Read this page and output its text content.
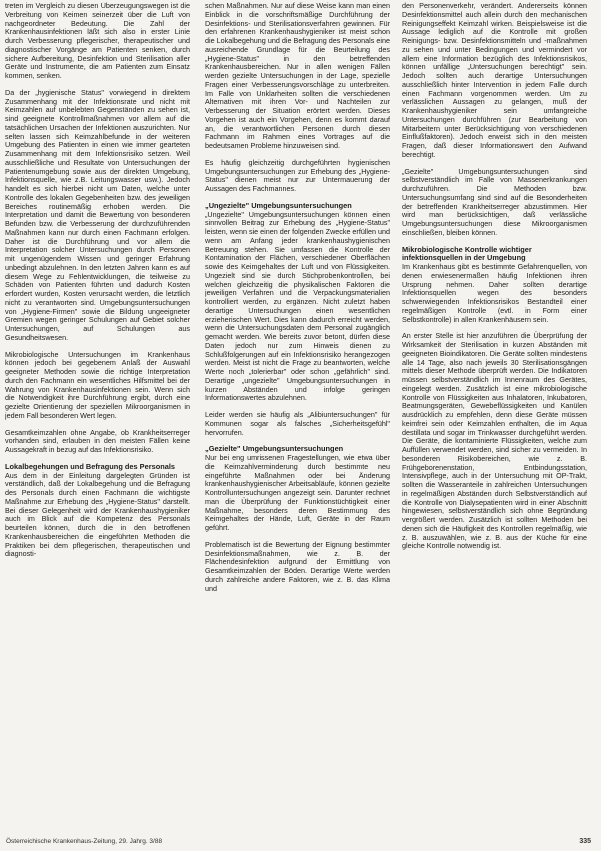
treten im Vergleich zu diesen Überzeugungswegen ist die Verbreitung von Keimen seinerzeit über die Luft von nachgeordneter Bedeutung. Die Zahl der Krankenhausinfektionen läßt sich also in erster Linie durch Verbesserung pflegerischer, therapeutischer und diagnostischer Vorgänge am Patienten senken, durch sichere Aufbereitung, Desinfektion und Sterilisation aller Geräte und Instrumente, die am Patienten zum Einsatz kommen, senken.

Da der „hygienische Status" vorwiegend in direktem Zusammenhang mit der Infektionsrate und nicht mit Keimzahlen auf unbelebten Gegenständen zu sehen ist, sind geeignete Kontrollmaßnahmen vor allem auf die tatsächlichen Ursachen der Infektionen auszurichten. Nur selten lassen sich Keimzahlbefunde in der weiteren Umgebung des Patienten in einen wie immer gearteten Zusammenhang mit dem Infektionsrisiko setzen. Weil ausschließliche und Resultate von Untersuchungen der Patientenumgebung sowie aus der direkten Umgebung, Infektionsquelle, wie z.B. Leitungswasser usw.). Jedoch handelt es sich hierbei nicht um Daten, welche unter Kontrolle des lokalen Gegebenheiten bzw. des jeweiligen Bereiches routinemäßig erhoben werden. Die Interpretation und damit die Bewertung von besonderen Befunden bzw. die Verbesserung der durchzuführenden Maßnahmen kann nur durch einen Fachmann erfolgen. Daher ist die Durchführung und vor allem die Interpretation solcher Untersuchungen durch Personen mit ungenügendem Wissen und geringer Erfahrung unbedingt abzulehnen. In den letzten Jahren kann es auf diesem Wege zu Fehlentwicklungen, die teilweise zu Schäden von Patienten führten und dadurch Kosten erfordert wurden, Kosten verursacht werden, die letztlich nicht zu verantworten sind. Umgebungsuntersuchungen von „Hygiene-Firmen" sowie die Bildung ungeeigneter Gremien wegen geringer Schulungen auf Gebiet solcher Untersuchungen, auf Schulungen aus Gesundheitswesen.

Mikrobiologische Untersuchungen im Krankenhaus können jedoch bei gegebenem Anlaß der Auswahl geeigneter Methoden sowie die richtige Interpretation durch den Fachmann ein wesentliches Hilfsmittel bei der Wahrung von Krankenhausinfektionen sein. Wenn sich die Notwendigkeit ihre Durchführung ergibt, durch eine gezielte Orientierung der speziellen Mikroorganismen in jedem Fall besonderen Wert legen.

Gesamtkeimzahlen ohne Angabe, ob Krankheitserreger vorhanden sind, erlauben in den meisten Fällen keine Aussagekraft in bezug auf das Infektionsrisiko.

Lokalbegehungen und Befragung des Personals

Aus dem in der Einleitung dargelegten Gründen ist verständlich, daß der Lokalbegehung und die Befragung des Personals durch einen Fachmann die wichtigste Maßnahme zur Erhebung des „Hygiene-Status" darstellt. Bei dieser Gelegenheit wird der Krankenhaushygieniker auch im Blick auf die Kompetenz des Personals beurteilen können, durch die in den betroffenen Krankenhausbereichen die eingeführten Methoden die Praktiken bei dem pflegerischen, therapeutischen und diagnosti-

schen Maßnahmen. Nur auf diese Weise kann man einen Einblick in die vorschriftsmäßige Durchführung der Desinfektions- und Sterilisationsverfahren gewinnen. Für den erfahrenen Krankenhaushygieniker ist meist schon die Lokalbegehung und die Befragung des Personals eine ausreichende Grundlage für die Beurteilung des „Hygiene-Status" in den betreffenden Krankenhausbereichen. Nur in allen wenigen Fällen werden gezielte Untersuchungen in der Lage, spezielle Fragen einer Verbesserungsvorschläge zu unterbreiten. Im Falle von Unklarheiten sollten die verschiedenen Alternativen mit ihren Vor- und Nachteilen zur Verbesserung der Situation erörtert werden. Dieses Vorgehen ist auch ein Vorgehen, denn es kommt darauf an, die verantwortlichen Personen durch diesen Fachmann im Rahmen eines Vortrages auf die bedeutsamen Probleme hinzuweisen sind.

Es häufig gleichzeitig durchgeführten hygienischen Umgebungsuntersuchungen zur Erhebung des „Hygiene-Status" dienen meist nur zur Untermauerung der Aussagen des Fachmannes.

„Ungezielte" Umgebungsuntersuchungen

„Ungezielte" Umgebungsuntersuchungen können einen sinnvollen Beitrag zur Erhebung des „Hygiene-Status" leisten, wenn sie einen der folgenden Zwecke erfüllen und wenn am Anfang jeder krankenhaushygienischen Betreuung stehen. Sie umfassen die Kontrolle der Kontamination der Flächen, verschiedener Oberflächen sowie des Keimgehaltes der Luft und von Flüssigkeiten. Ungezielt sind sie durch Stichprobenkontrollen, bei welchen gleichzeitig die physikalischen Faktoren die jeweiligen Verfahren und die Verpackungsmaterialien kontrolliert werden, zu ergänzen. Nicht zuletzt haben derartige Untersuchungen einen wesentlichen erzieherischen Wert. Dies kann dadurch erreicht werden, wenn die Untersuchungsdaten dem Personal zugänglich gemacht werden. Wie bereits zuvor betont, dürfen diese Daten jedoch nur zum Hinweis dienen zu Schlußfolgerungen auf ein Infektionsrisiko herangezogen werden. Meist ist nicht die Frage zu beantworten, welche Werte noch „tolerierbar" oder schon „gefährlich" sind. Derartige „ungezielte" Umgebungsuntersuchungen in kurzen Abständen und infolge geringen Informationswertes abzulehnen.

Leider werden sie häufig als „Alibiuntersuchungen" für Kommunen sogar als falsches „Sicherheitsgefühl" hervorrufen.

„Gezielte" Umgebungsuntersuchungen

Nur bei eng umrissenen Fragestellungen, wie etwa über die Keimzahlverminderung durch bestimmte neu eingeführte Maßnahmen oder bei Änderung krankenhaushygienischer Arbeitsabläufe, können gezielte Kontrolluntersuchungen angezeigt sein. Darunter rechnet man die Überprüfung der Funktionstüchtigkeit einer Maßnahme, besonders deren Bestimmung des Keimgehaltes der Hände, Luft, Geräte in der Raum geführt.

Problematisch ist die Bewertung der Eignung bestimmter Desinfektionsmaßnahmen, wie z. B. der Flächendesinfektion aufgrund der Ermittlung von Gesamtkeimzahlen der Böden. Derartige Werte werden durch zahlreiche andere Faktoren, wie z. B. das Klima und

den Personenverkehr, verändert. Andererseits können Desinfektionsmittel auch allein durch den mechanischen Reinigungseffekt Keimzahl wirken. Beispielsweise ist die Aussage lediglich auf die Kontrolle mit großen Reinigungs- bzw. Desinfektionsmitteln und -maßnahmen zu sehen und unter Bedingungen und vermindert vor allem eine Information bezüglich des Infektionsrisikos, können unfällige „Untersuchungen berechtigt" sein. Jedoch sollten auch derartige Untersuchungen ausschließlich hinter Intervention in jedem Falle durch einen Fachmann vorgenommen werden. Um zu verlässlichen Aussagen zu gelangen, muß der Krankenhaushygieniker sein umfangreiche Untersuchungen durchführen (zur Bearbeitung von Mitarbeitern unter Berücksichtigung von verschiedenen Einflußfaktoren). Jedoch erweist sich in den meisten Fragen, daß dieser Informationswert den Aufwand berechtigt.

„Gezielte" Umgebungsuntersuchungen sind selbstverständlich im Falle von Massenerkrankungen durchzuführen. Die Methoden bzw. Untersuchungsumfang sind sind auf die Besonderheiten der betreffenden Krankheitserreger abzustimmen. Hier wird man berücksichtigen, daß verlässliche Umgebungsuntersuchungen diese Mikroorganismen einschließen, bleiben können.

Mikrobiologische Kontrolle wichtiger infektionsquellen in der Umgebung

Im Krankenhaus gibt es bestimmte Gefahrenquellen, von denen erwiesenermaßen häufig Infektionen ihren Ursprung nehmen. Daher sollten derartige Infektionsquellen wegen des besonders schwerwiegenden Infektionsrisikos Bestandteil einer regelmäßigen Kontrolle (evtl. in Form einer Selbstkontrolle) in allen Krankenhäusern sein.

An erster Stelle ist hier anzuführen die Überprüfung der Wirksamkeit der Sterilisation in kurzen Abständen mit geeigneten Bioindikatoren. Die Geräte sollten mindestens alle 14 Tage, also nach jeweils 30 Sterilisationsgängen mittels dieser Methode überprüft werden. Die Indikatoren müssen selbstverständlich im Innenraum des Gerätes, eingelegt werden. Zusätzlich ist eine mikrobiologische Kontrolle von Flüssigkeiten aus Inhalatoren, Inkubatoren, Beatmungsgeräten, Gewebeflüssigkeiten und Kanülen ausdrücklich zu empfehlen, denn diese Geräte müssen keimfrei sein oder Keimzahlen enthalten, die im Aqua destillata und sogar im Trinkwasser durchgeführt werden. Die Geräte, die kontaminierte Flüssigkeiten, welche zum Auffüllen verwendet werden, sind sicher zu vermeiden. In besonderen Risikobereichen, wie z. B. Frühgeborenenstation, Entbindungsstation, Intensivpflege, auch in der Untersuchung mit OP-Trakt, sollten die Wasseranteile in zahlreichen Untersuchungen in regelmäßigen Abständen durch Selbstverständlich auf die Kontrolle von Dialysepatienten wird in einer Abschnitt hingewiesen, selbstverständlich sich ohne Begründung vergrößert werden. Zusätzlich ist sollten Methoden bei denen sich die Häufigkeit des Kontrollen regelmäßig, wie z. B. auszuwählen, wie z. B. aus der Küche für eine gleiche Kontrolle notwendig ist.

Österreichische Krankenhaus-Zeitung, 29. Jahrg. 3/88	335
